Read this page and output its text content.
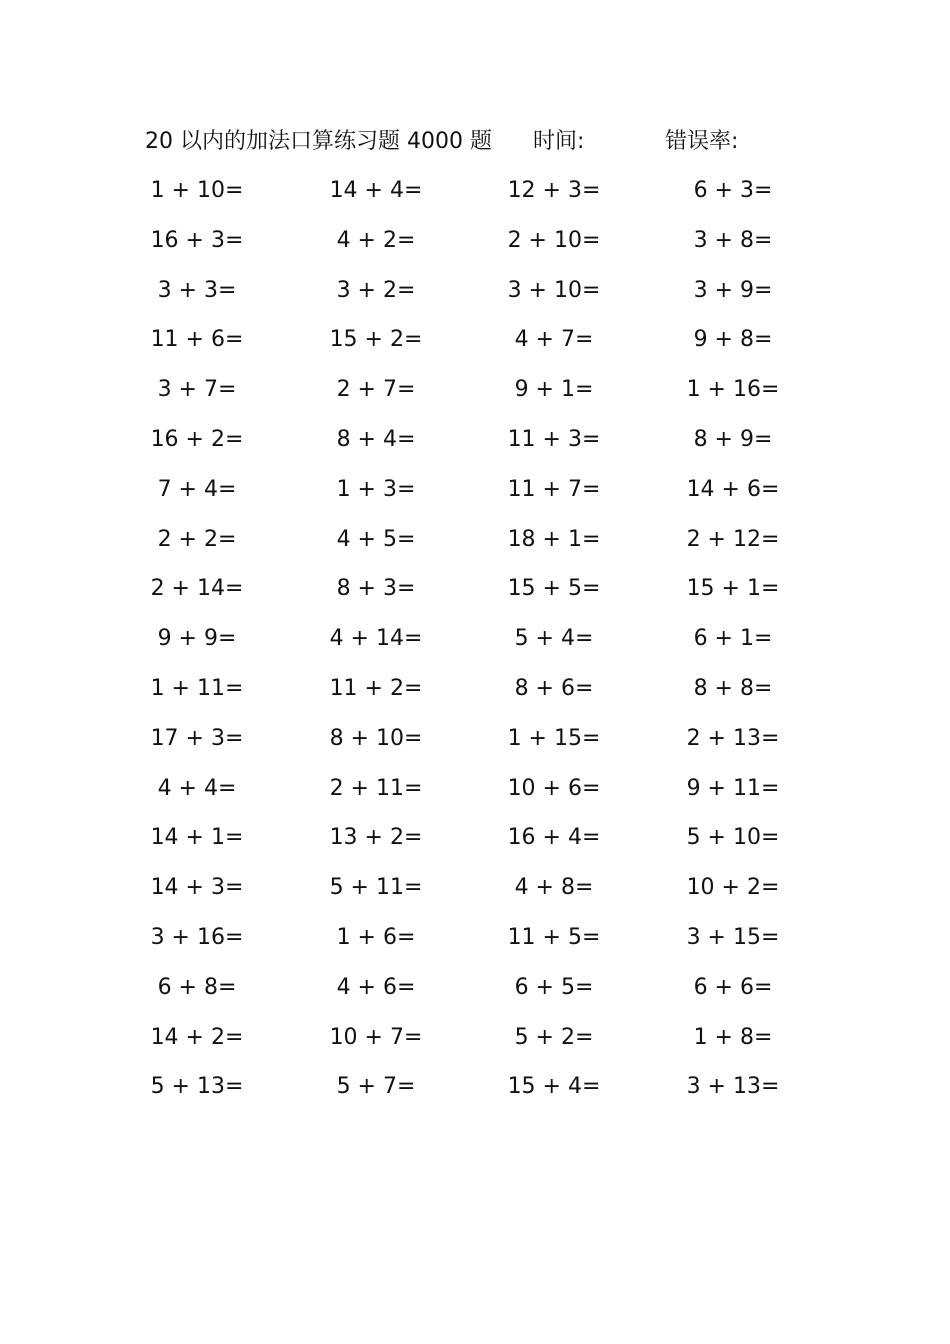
20 以内的加法口算练习题 4000 题 时间:	错误率:
1 + 10=	14 + 4=	12 + 3=	6 + 3=
16 + 3=	4 + 2=	2 + 10=	3 + 8=
3 + 3=	3 + 2=	3 + 10=	3 + 9=
11 + 6=	15 + 2=	4 + 7=	9 + 8=
3 + 7=	2 + 7=	9 + 1=	1 + 16=
16 + 2=	8 + 4=	11 + 3=	8 + 9=
7 + 4=	1 + 3=	11 + 7=	14 + 6=
2 + 2=	4 + 5=	18 + 1=	2 + 12=
2 + 14=	8 + 3=	15 + 5=	15 + 1=
9 + 9=	4 + 14=	5 + 4=	6 + 1=
1 + 11=	11 + 2=	8 + 6=	8 + 8=
17 + 3=	8 + 10=	1 + 15=	2 + 13=
4 + 4=	2 + 11=	10 + 6=	9 + 11=
14 + 1=	13 + 2=	16 + 4=	5 + 10=
14 + 3=	5 + 11=	4 + 8=	10 + 2=
3 + 16=	1 + 6=	11 + 5=	3 + 15=
6 + 8=	4 + 6=	6 + 5=	6 + 6=
14 + 2=	10 + 7=	5 + 2=	1 + 8=
5 + 13=	5 + 7=	15 + 4=	3 + 13=
